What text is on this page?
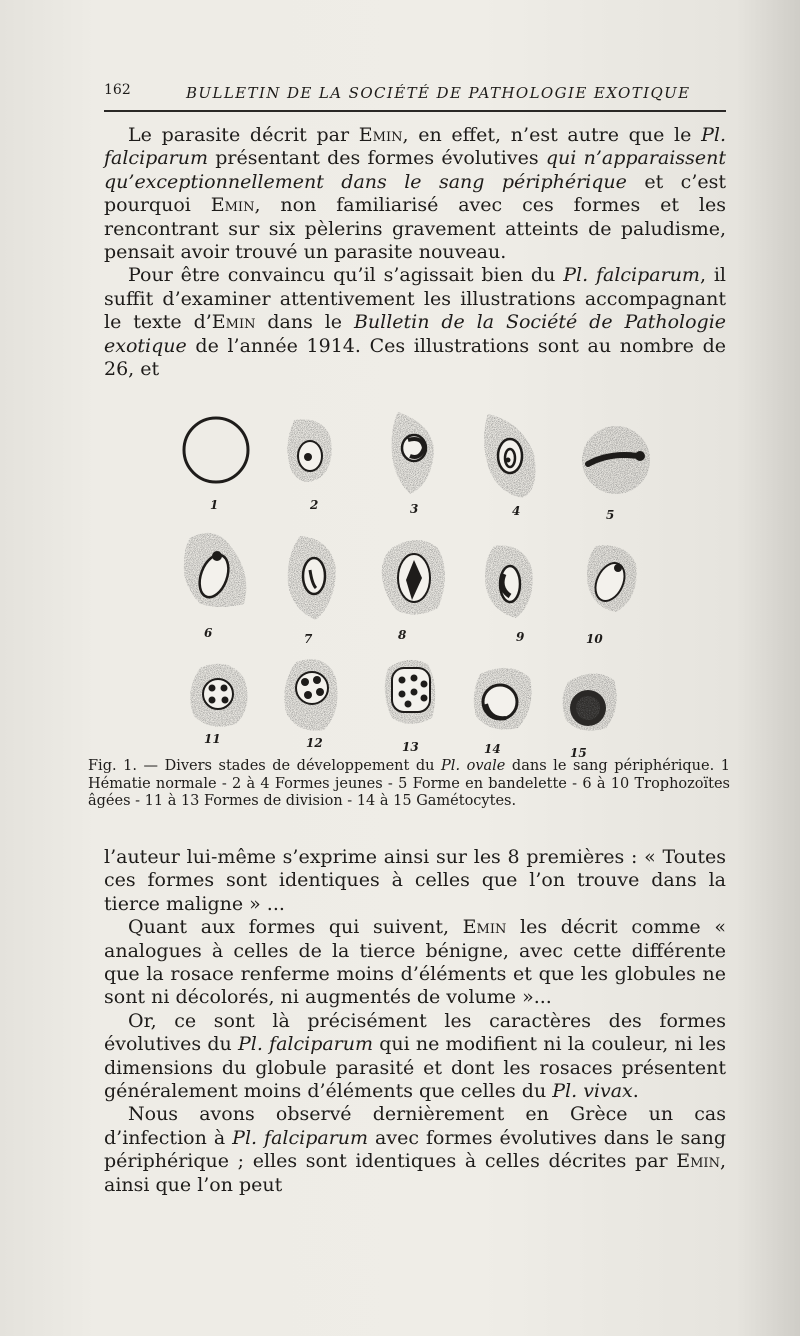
162	BULLETIN DE LA SOCIÉTÉ DE PATHOLOGIE EXOTIQUE

Le parasite décrit par Emin, en effet, n’est autre que le Pl. falciparum présentant des formes évolutives qui n’apparaissent qu’exceptionnellement dans le sang périphérique et c’est pourquoi Emin, non familiarisé avec ces formes et les rencontrant sur six pèlerins gravement atteints de paludisme, pensait avoir trouvé un parasite nouveau.

Pour être convaincu qu’il s’agissait bien du Pl. falciparum, il suffit d’examiner attentivement les illustrations accompagnant le texte d’Emin dans le Bulletin de la Société de Pathologie exotique de l’année 1914. Ces illustrations sont au nombre de 26, et

1	2	3	4	5
6	7	8	9	10
11	12	13	14	15

Fig. 1. — Divers stades de développement du Pl. ovale dans le sang périphérique. 1 Hématie normale - 2 à 4 Formes jeunes - 5 Forme en bandelette - 6 à 10 Trophozoïtes âgées - 11 à 13 Formes de division - 14 à 15 Gamétocytes.

l’auteur lui-même s’exprime ainsi sur les 8 premières : « Toutes ces formes sont identiques à celles que l’on trouve dans la tierce maligne » ...

Quant aux formes qui suivent, Emin les décrit comme « analogues à celles de la tierce bénigne, avec cette différente que la rosace renferme moins d’éléments et que les globules ne sont ni décolorés, ni augmentés de volume »...

Or, ce sont là précisément les caractères des formes évolutives du Pl. falciparum qui ne modifient ni la couleur, ni les dimensions du globule parasité et dont les rosaces présentent généralement moins d’éléments que celles du Pl. vivax.

Nous avons observé dernièrement en Grèce un cas d’infection à Pl. falciparum avec formes évolutives dans le sang périphérique ; elles sont identiques à celles décrites par Emin, ainsi que l’on peut
